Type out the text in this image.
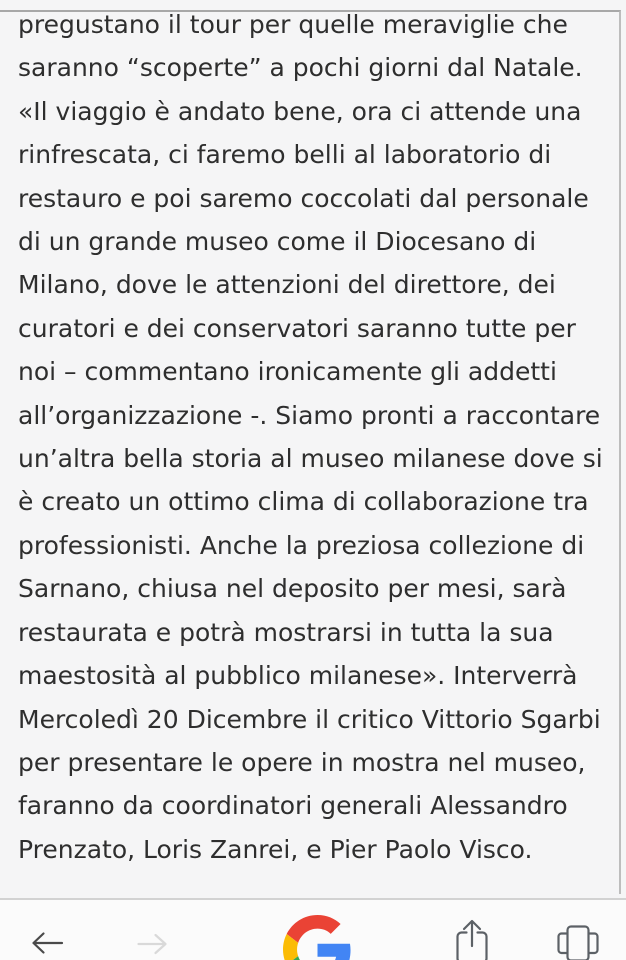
pregustano il tour per quelle meraviglie che
saranno “scoperte” a pochi giorni dal Natale.
«Il viaggio è andato bene, ora ci attende una
rinfrescata, ci faremo belli al laboratorio di
restauro e poi saremo coccolati dal personale
di un grande museo come il Diocesano di
Milano, dove le attenzioni del direttore, dei
curatori e dei conservatori saranno tutte per
noi – commentano ironicamente gli addetti
all’organizzazione -. Siamo pronti a raccontare
un’altra bella storia al museo milanese dove si
è creato un ottimo clima di collaborazione tra
professionisti. Anche la preziosa collezione di
Sarnano, chiusa nel deposito per mesi, sarà
restaurata e potrà mostrarsi in tutta la sua
maestosità al pubblico milanese». Interverrà
Mercoledì 20 Dicembre il critico Vittorio Sgarbi
per presentare le opere in mostra nel museo,
faranno da coordinatori generali Alessandro
Prenzato, Loris Zanrei, e Pier Paolo Visco.
